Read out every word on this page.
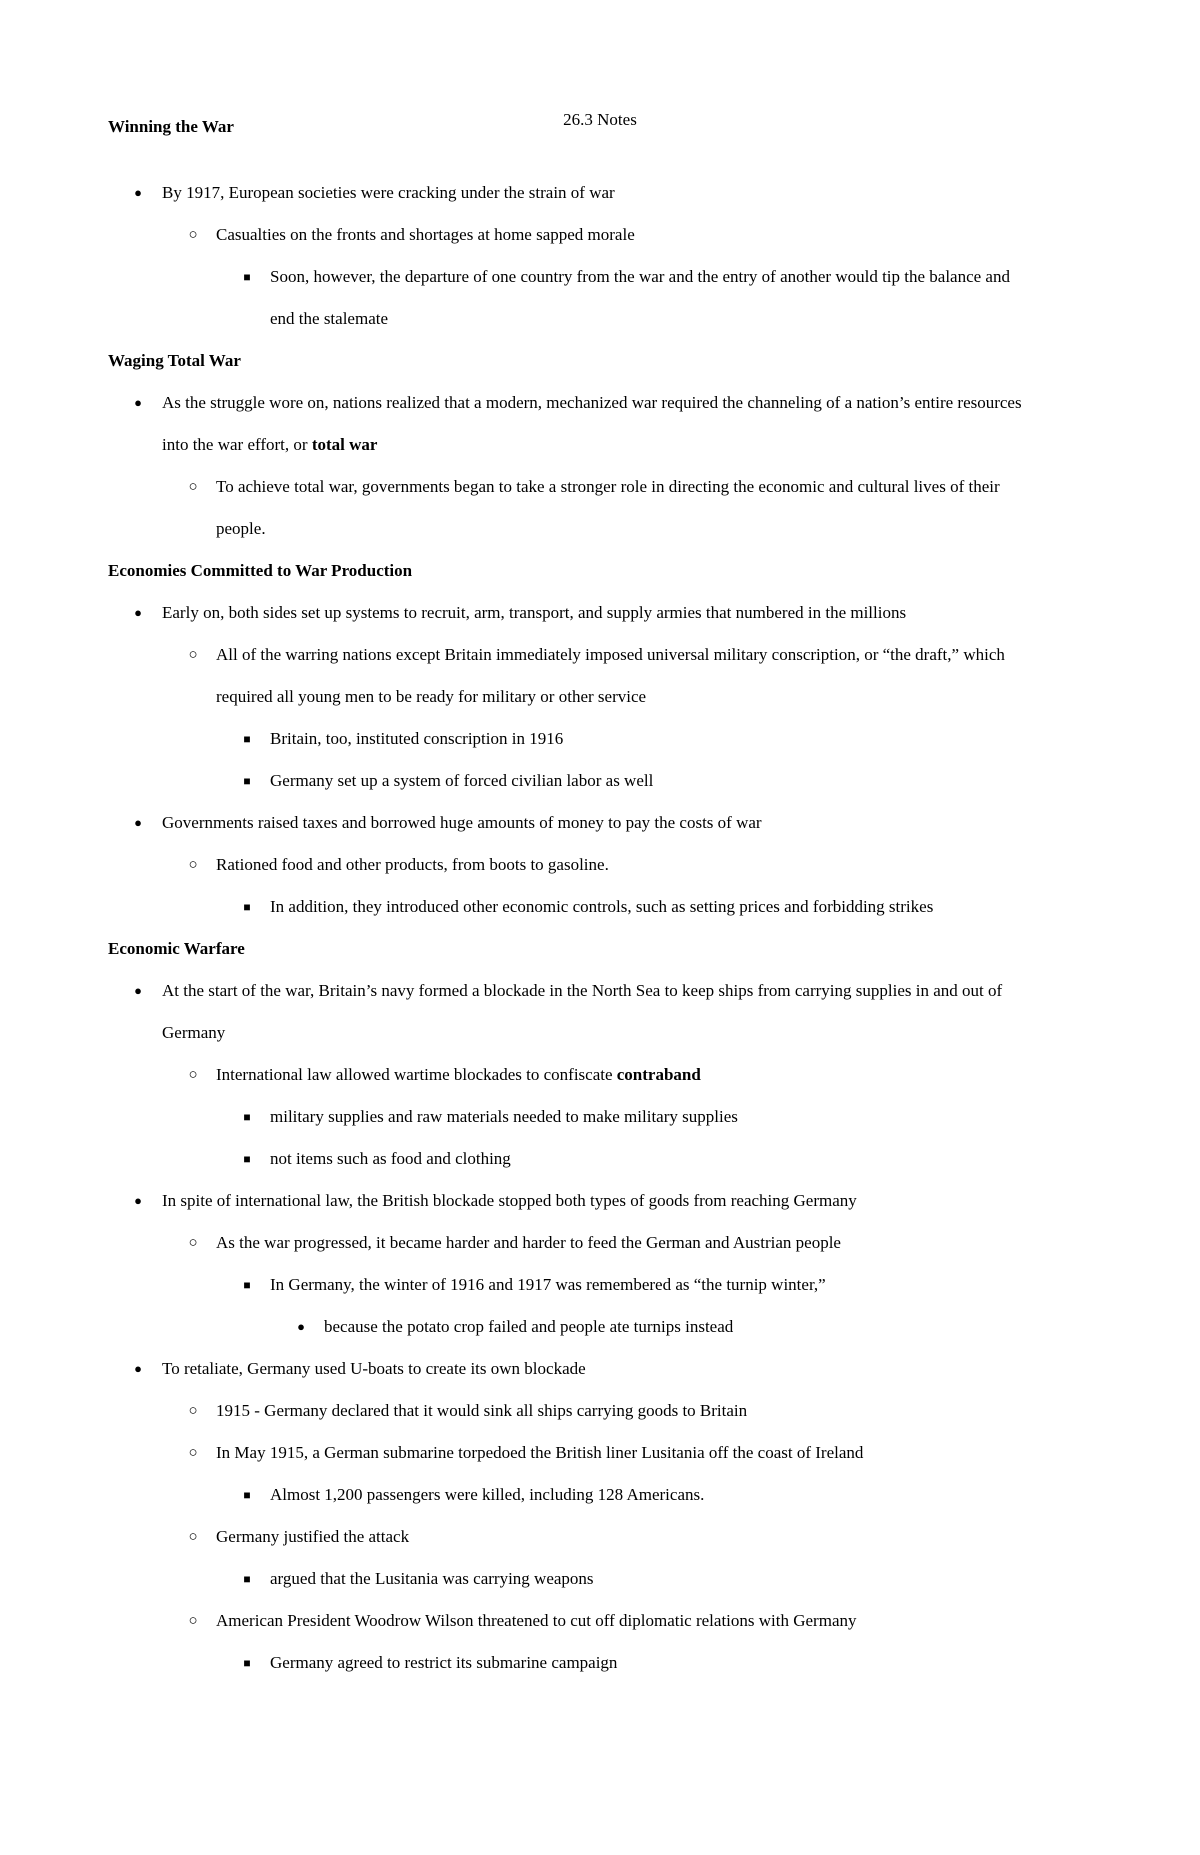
26.3 Notes
Winning the War
● By 1917, European societies were cracking under the strain of war
○ Casualties on the fronts and shortages at home sapped morale
■ Soon, however, the departure of one country from the war and the entry of another would tip the balance and
end the stalemate
Waging Total War
● As the struggle wore on, nations realized that a modern, mechanized war required the channeling of a nation’s entire resources
into the war effort, or total war
○ To achieve total war, governments began to take a stronger role in directing the economic and cultural lives of their
people.
Economies Committed to War Production
● Early on, both sides set up systems to recruit, arm, transport, and supply armies that numbered in the millions
○ All of the warring nations except Britain immediately imposed universal military conscription, or “the draft,” which
required all young men to be ready for military or other service
■ Britain, too, instituted conscription in 1916
■ Germany set up a system of forced civilian labor as well
● Governments raised taxes and borrowed huge amounts of money to pay the costs of war
○ Rationed food and other products, from boots to gasoline.
■ In addition, they introduced other economic controls, such as setting prices and forbidding strikes
Economic Warfare
● At the start of the war, Britain’s navy formed a blockade in the North Sea to keep ships from carrying supplies in and out of
Germany
○ International law allowed wartime blockades to confiscate contraband
■ military supplies and raw materials needed to make military supplies
■ not items such as food and clothing
● In spite of international law, the British blockade stopped both types of goods from reaching Germany
○ As the war progressed, it became harder and harder to feed the German and Austrian people
■ In Germany, the winter of 1916 and 1917 was remembered as “the turnip winter,”
● because the potato crop failed and people ate turnips instead
● To retaliate, Germany used U-boats to create its own blockade
○ 1915 - Germany declared that it would sink all ships carrying goods to Britain
○ In May 1915, a German submarine torpedoed the British liner Lusitania off the coast of Ireland
■ Almost 1,200 passengers were killed, including 128 Americans.
○ Germany justified the attack
■ argued that the Lusitania was carrying weapons
○ American President Woodrow Wilson threatened to cut off diplomatic relations with Germany
■ Germany agreed to restrict its submarine campaign
